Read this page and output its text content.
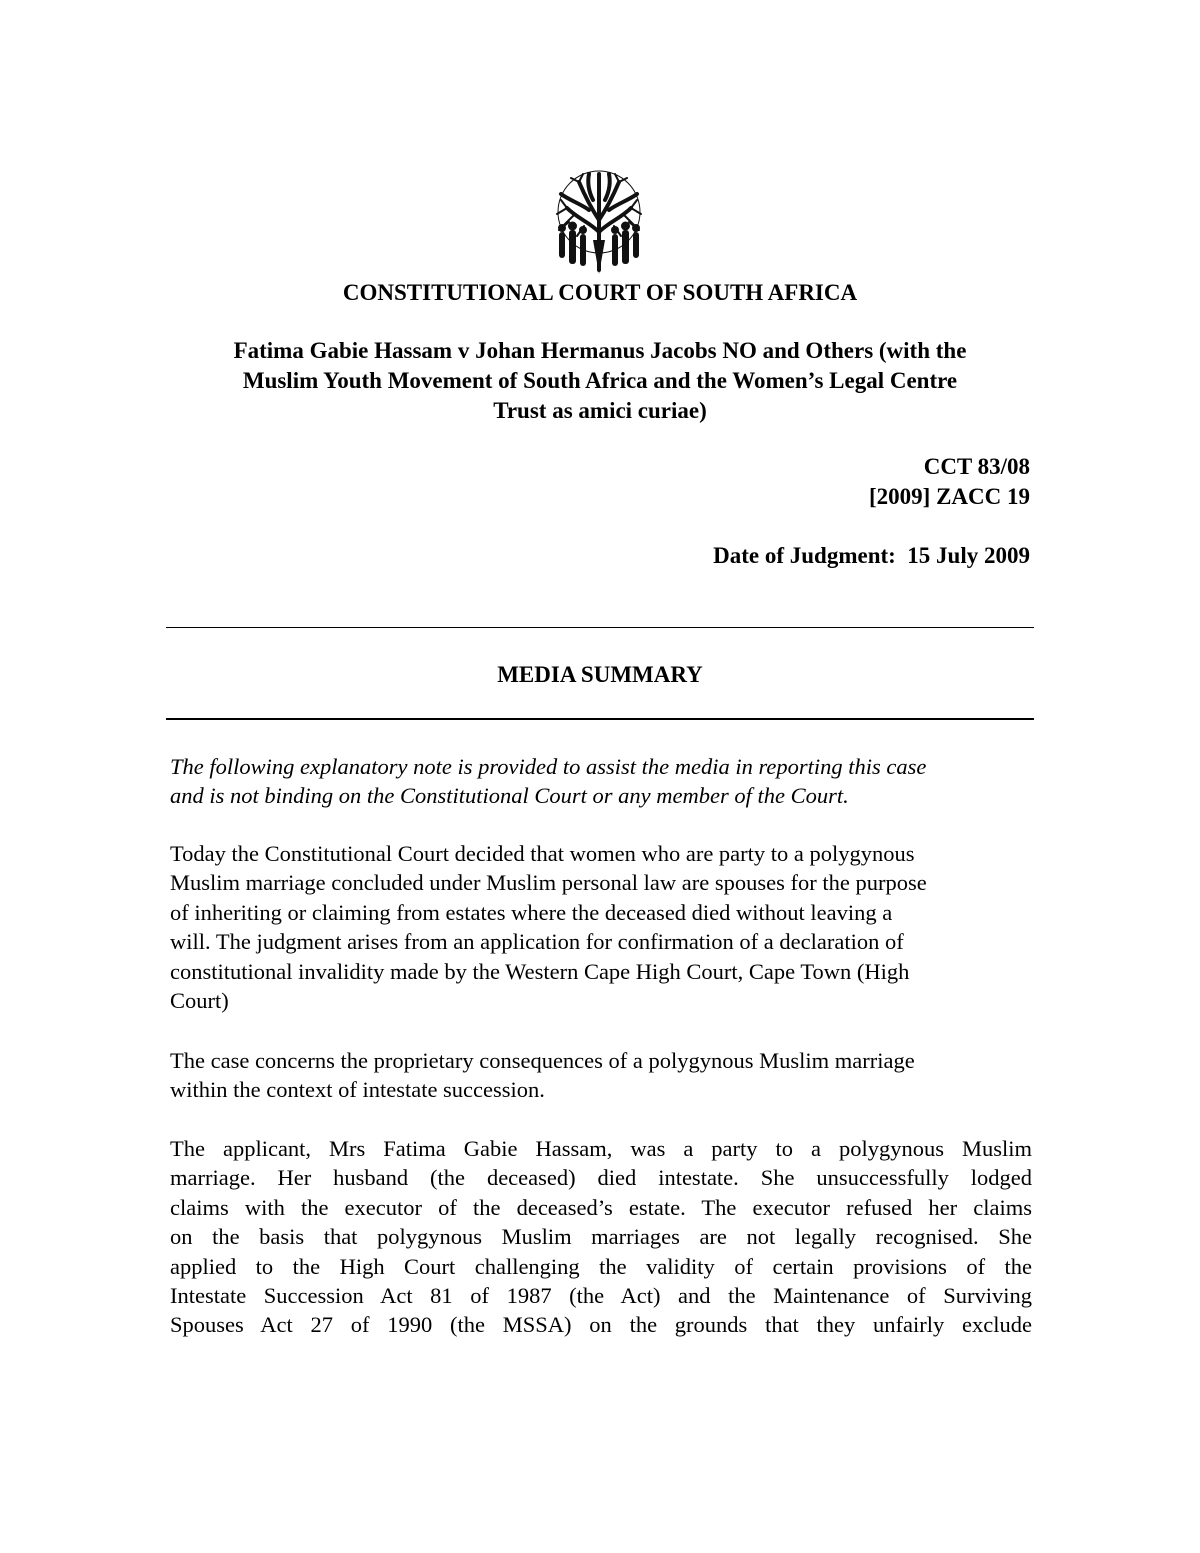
CONSTITUTIONAL COURT OF SOUTH AFRICA
Fatima Gabie Hassam v Johan Hermanus Jacobs NO and Others (with the
Muslim Youth Movement of South Africa and the Women’s Legal Centre
Trust as amici curiae)
CCT 83/08
[2009] ZACC 19
Date of Judgment:  15 July 2009
MEDIA SUMMARY
The following explanatory note is provided to assist the media in reporting this case
and is not binding on the Constitutional Court or any member of the Court.
Today the Constitutional Court decided that women who are party to a polygynous
Muslim marriage concluded under Muslim personal law are spouses for the purpose
of inheriting or claiming from estates where the deceased died without leaving a
will. The judgment arises from an application for confirmation of a declaration of
constitutional invalidity made by the Western Cape High Court, Cape Town (High
Court)
The case concerns the proprietary consequences of a polygynous Muslim marriage
within the context of intestate succession.
The applicant, Mrs Fatima Gabie Hassam, was a party to a polygynous Muslim
marriage. Her husband (the deceased) died intestate. She unsuccessfully lodged
claims with the executor of the deceased’s estate. The executor refused her claims
on the basis that polygynous Muslim marriages are not legally recognised. She
applied to the High Court challenging the validity of certain provisions of the
Intestate Succession Act 81 of 1987 (the Act) and the Maintenance of Surviving
Spouses Act 27 of 1990 (the MSSA) on the grounds that they unfairly exclude
